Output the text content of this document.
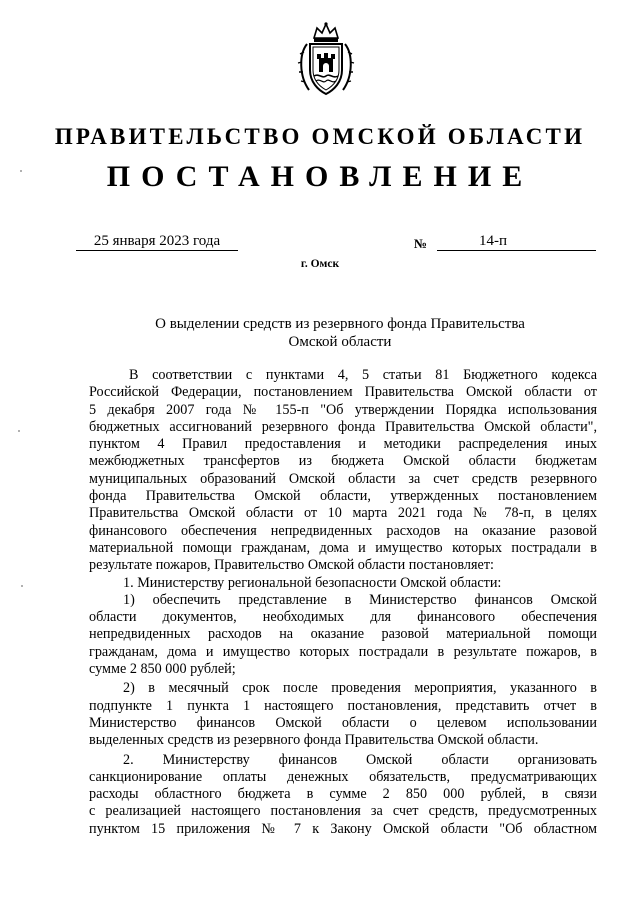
ПРАВИТЕЛЬСТВО ОМСКОЙ ОБЛАСТИ
ПОСТАНОВЛЕНИЕ
25 января 2023 года	№	14-п
г. Омск
О выделении средств из резервного фонда Правительства
Омской области
В соответствии с пунктами 4, 5 статьи 81 Бюджетного кодекса
Российской Федерации, постановлением Правительства Омской области от
5 декабря 2007 года № 155-п "Об утверждении Порядка использования
бюджетных ассигнований резервного фонда Правительства Омской области",
пунктом 4 Правил предоставления и методики распределения иных
межбюджетных трансфертов из бюджета Омской области бюджетам
муниципальных образований Омской области за счет средств резервного
фонда Правительства Омской области, утвержденных постановлением
Правительства Омской области от 10 марта 2021 года № 78-п, в целях
финансового обеспечения непредвиденных расходов на оказание разовой
материальной помощи гражданам, дома и имущество которых пострадали в
результате пожаров, Правительство Омской области постановляет:
1. Министерству региональной безопасности Омской области:
1) обеспечить представление в Министерство финансов Омской
области документов, необходимых для финансового обеспечения
непредвиденных расходов на оказание разовой материальной помощи
гражданам, дома и имущество которых пострадали в результате пожаров, в
сумме 2 850 000 рублей;
2) в месячный срок после проведения мероприятия, указанного в
подпункте 1 пункта 1 настоящего постановления, представить отчет в
Министерство финансов Омской области о целевом использовании
выделенных средств из резервного фонда Правительства Омской области.
2. Министерству финансов Омской области организовать
санкционирование оплаты денежных обязательств, предусматривающих
расходы областного бюджета в сумме 2 850 000 рублей, в связи
с реализацией настоящего постановления за счет средств, предусмотренных
пунктом 15 приложения № 7 к Закону Омской области "Об областном
